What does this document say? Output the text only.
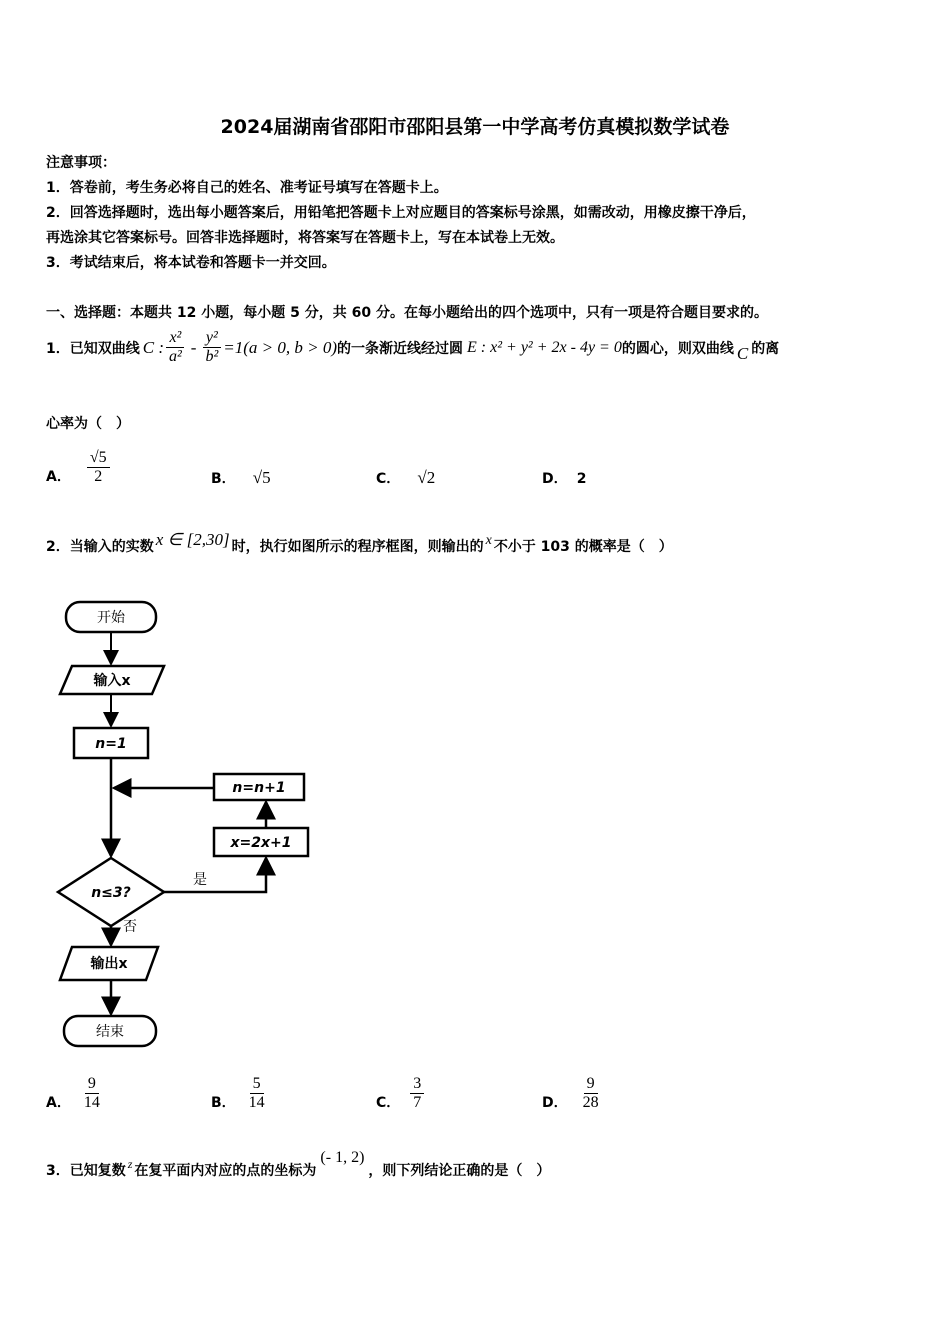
2024届湖南省邵阳市邵阳县第一中学高考仿真模拟数学试卷
注意事项：
1．答卷前，考生务必将自己的姓名、准考证号填写在答题卡上。
2．回答选择题时，选出每小题答案后，用铅笔把答题卡上对应题目的答案标号涂黑，如需改动，用橡皮擦干净后，
再选涂其它答案标号。回答非选择题时，将答案写在答题卡上，写在本试卷上无效。
3．考试结束后，将本试卷和答题卡一并交回。
一、选择题：本题共 12 小题，每小题 5 分，共 60 分。在每小题给出的四个选项中，只有一项是符合题目要求的。
1．已知双曲线 C : $\frac{\text{x²}}{\text{a²}} - \frac{\text{y²}}{\text{b²}} =1(a > 0$, b > 0) 的一条渐近线经过圆 E : x² + y² + 2x - 4y = 0 的圆心，则双曲线 C 的离
心率为（　）
A． $\frac{√5}{2}$	B． √5	C． √2	D． 2
2．当输入的实数 x ∈ [2,30] 时，执行如图所示的程序框图，则输出的 x 不小于 103 的概率是（　）
开始
输入x
n=1
n=n+1
x=2x+1
n≤3?
是
否
输出x
结束
A． $\frac{9}{14}$	B． $\frac{5}{14}$	C． $\frac{3}{7}$	D． $\frac{9}{28}$
3．已知复数 z 在复平面内对应的点的坐标为
(- 1, 2)
，则下列结论正确的是（　）
